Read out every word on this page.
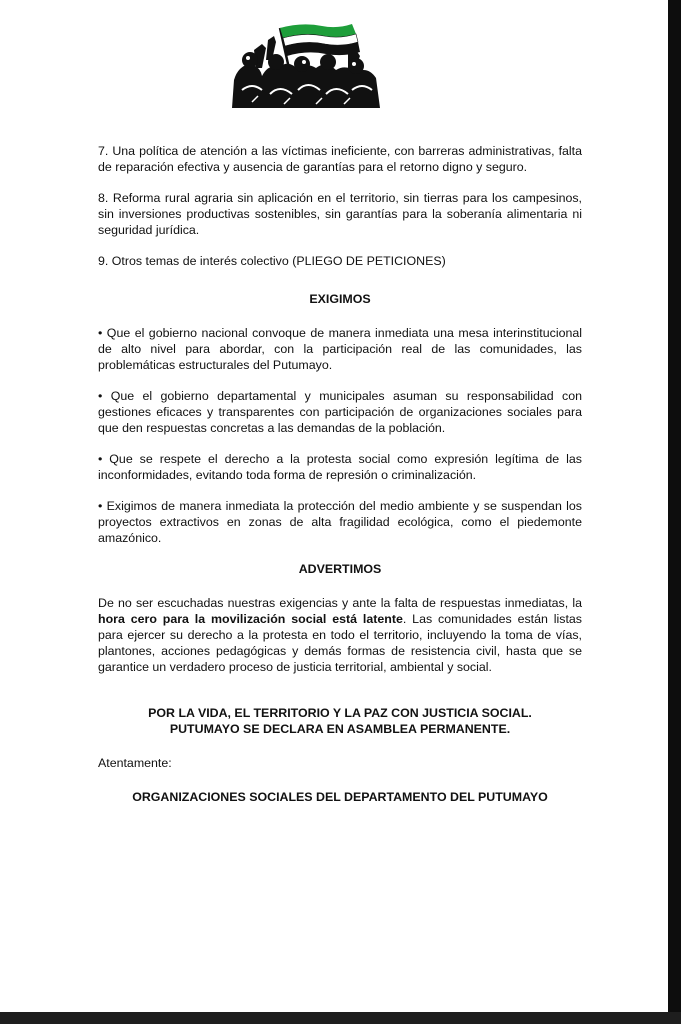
7. Una política de atención a las víctimas ineficiente, con barreras administrativas, falta de reparación efectiva y ausencia de garantías para el retorno digno y seguro.

8. Reforma rural agraria sin aplicación en el territorio, sin tierras para los campesinos, sin inversiones productivas sostenibles, sin garantías para la soberanía alimentaria ni seguridad jurídica.

9. Otros temas de interés colectivo (PLIEGO DE PETICIONES)

EXIGIMOS

• Que el gobierno nacional convoque de manera inmediata una mesa interinstitucional de alto nivel para abordar, con la participación real de las comunidades, las problemáticas estructurales del Putumayo.

• Que el gobierno departamental y municipales asuman su responsabilidad con gestiones eficaces y transparentes con participación de organizaciones sociales para que den respuestas concretas a las demandas de la población.

• Que se respete el derecho a la protesta social como expresión legítima de las inconformidades, evitando toda forma de represión o criminalización.

• Exigimos de manera inmediata la protección del medio ambiente y se suspendan los proyectos extractivos en zonas de alta fragilidad ecológica, como el piedemonte amazónico.

ADVERTIMOS

De no ser escuchadas nuestras exigencias y ante la falta de respuestas inmediatas, la hora cero para la movilización social está latente. Las comunidades están listas para ejercer su derecho a la protesta en todo el territorio, incluyendo la toma de vías, plantones, acciones pedagógicas y demás formas de resistencia civil, hasta que se garantice un verdadero proceso de justicia territorial, ambiental y social.

POR LA VIDA, EL TERRITORIO Y LA PAZ CON JUSTICIA SOCIAL.

PUTUMAYO SE DECLARA EN ASAMBLEA PERMANENTE.

Atentamente:

ORGANIZACIONES SOCIALES DEL DEPARTAMENTO DEL PUTUMAYO
